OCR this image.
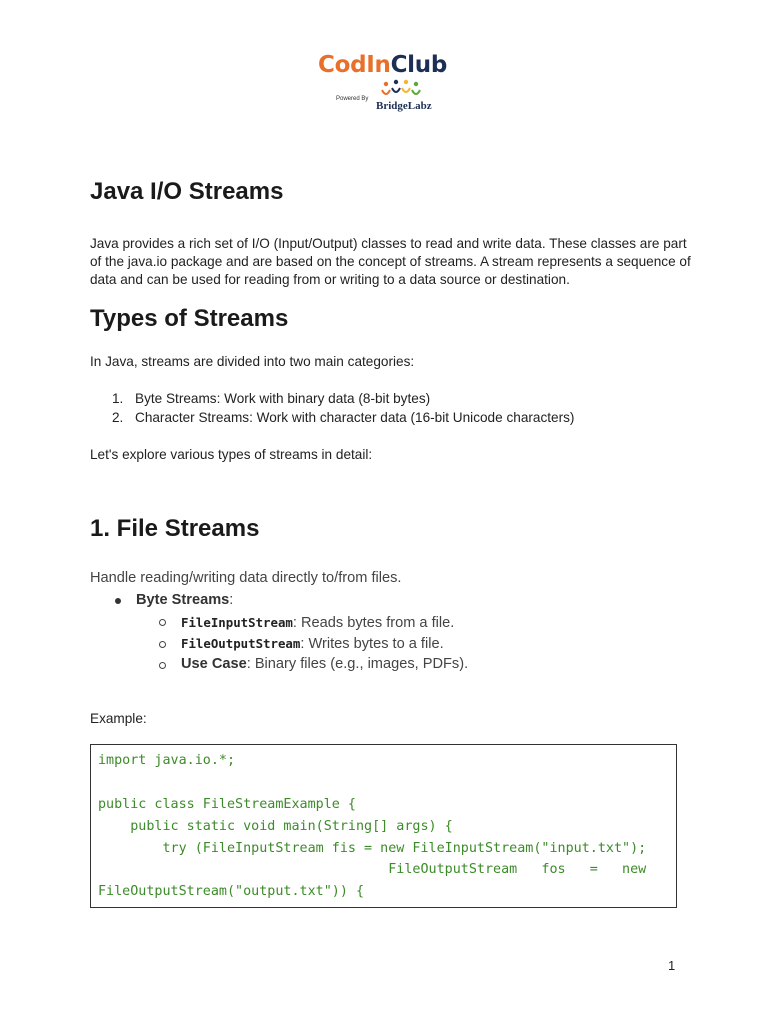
CodInClub
Powered By
BridgeLabz
Java I/O Streams
Java provides a rich set of I/O (Input/Output) classes to read and write data. These classes are part
of the java.io package and are based on the concept of streams. A stream represents a sequence of
data and can be used for reading from or writing to a data source or destination.
Types of Streams
In Java, streams are divided into two main categories:
1. Byte Streams: Work with binary data (8-bit bytes)
2. Character Streams: Work with character data (16-bit Unicode characters)
Let's explore various types of streams in detail:
1. File Streams
Handle reading/writing data directly to/from files.
Byte Streams:
FileInputStream: Reads bytes from a file.
FileOutputStream: Writes bytes to a file.
Use Case: Binary files (e.g., images, PDFs).
Example:
import java.io.*;
public class FileStreamExample {
public static void main(String[] args) {
try (FileInputStream fis = new FileInputStream("input.txt");
FileOutputStream   fos   =   new
FileOutputStream("output.txt")) {
1
